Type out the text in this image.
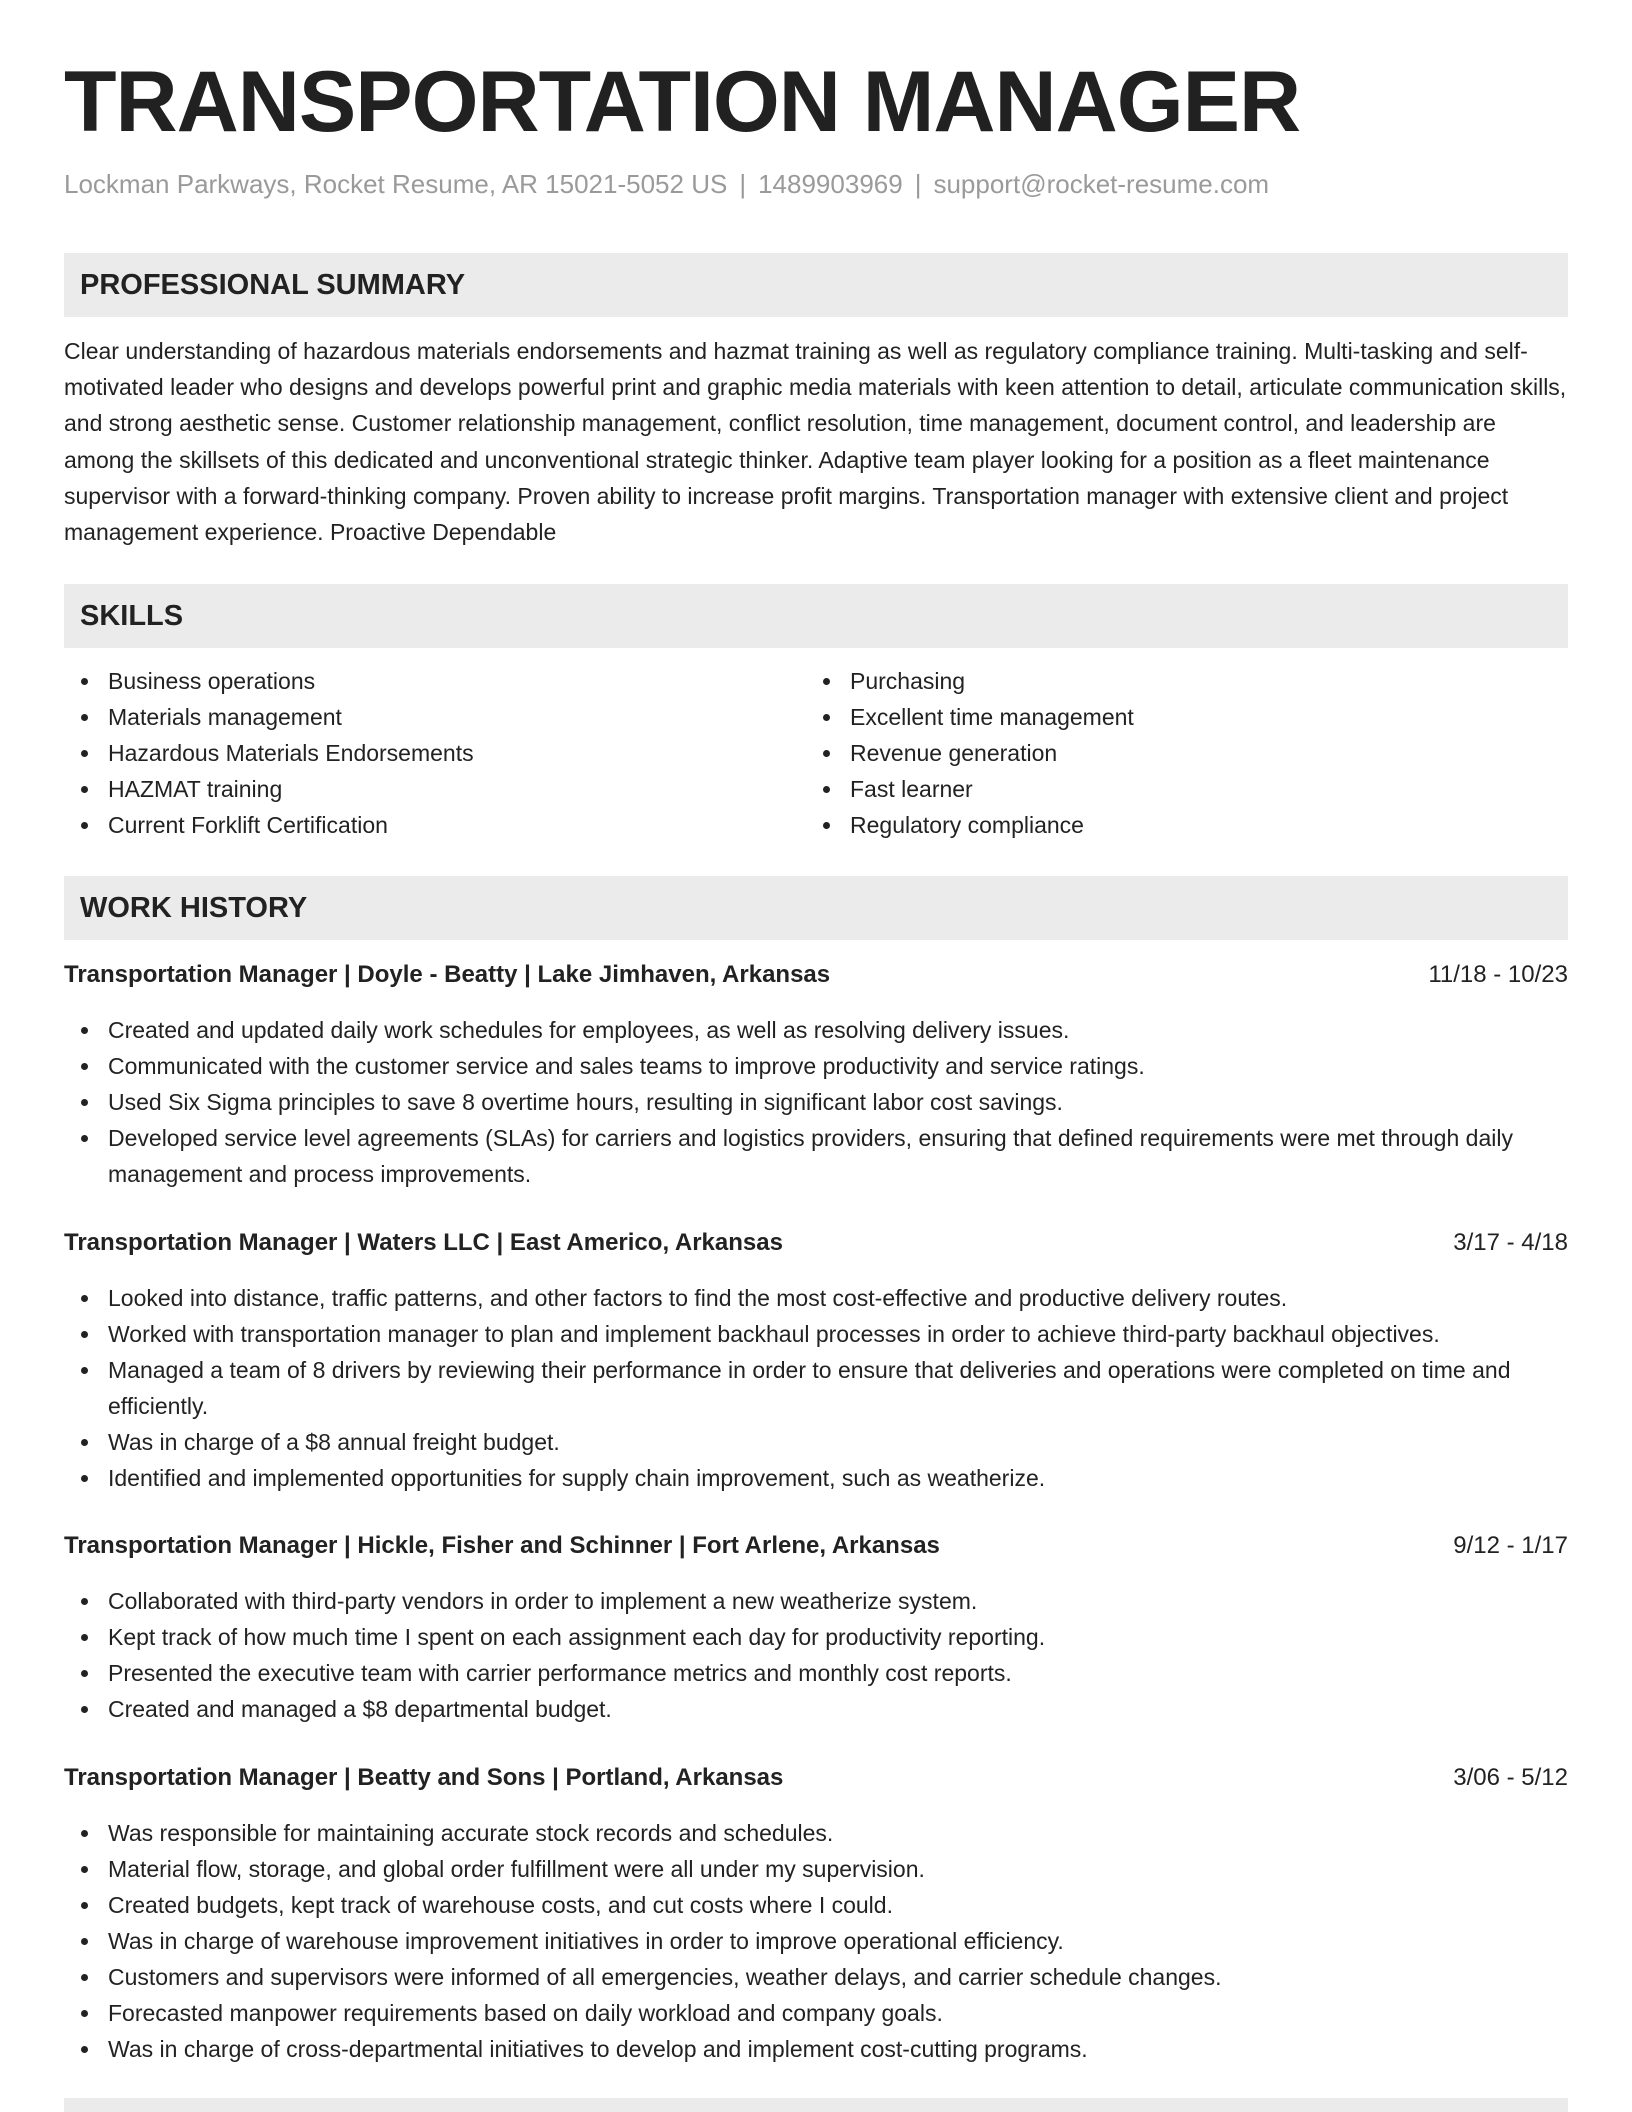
TRANSPORTATION MANAGER
Lockman Parkways, Rocket Resume, AR 15021-5052 US | 1489903969 | support@rocket-resume.com
PROFESSIONAL SUMMARY

Clear understanding of hazardous materials endorsements and hazmat training as well as regulatory compliance training. Multi-tasking and self-motivated leader who designs and develops powerful print and graphic media materials with keen attention to detail, articulate communication skills, and strong aesthetic sense. Customer relationship management, conflict resolution, time management, document control, and leadership are among the skillsets of this dedicated and unconventional strategic thinker. Adaptive team player looking for a position as a fleet maintenance supervisor with a forward-thinking company. Proven ability to increase profit margins. Transportation manager with extensive client and project management experience. Proactive Dependable

SKILLS
Business operations
Materials management
Hazardous Materials Endorsements
HAZMAT training
Current Forklift Certification
Purchasing
Excellent time management
Revenue generation
Fast learner
Regulatory compliance
WORK HISTORY
Transportation Manager | Doyle - Beatty | Lake Jimhaven, Arkansas	11/18 - 10/23
Created and updated daily work schedules for employees, as well as resolving delivery issues.
Communicated with the customer service and sales teams to improve productivity and service ratings.
Used Six Sigma principles to save 8 overtime hours, resulting in significant labor cost savings.
Developed service level agreements (SLAs) for carriers and logistics providers, ensuring that defined requirements were met through daily management and process improvements.
Transportation Manager | Waters LLC | East Americo, Arkansas	3/17 - 4/18
Looked into distance, traffic patterns, and other factors to find the most cost-effective and productive delivery routes.
Worked with transportation manager to plan and implement backhaul processes in order to achieve third-party backhaul objectives.
Managed a team of 8 drivers by reviewing their performance in order to ensure that deliveries and operations were completed on time and efficiently.
Was in charge of a $8 annual freight budget.
Identified and implemented opportunities for supply chain improvement, such as weatherize.
Transportation Manager | Hickle, Fisher and Schinner | Fort Arlene, Arkansas	9/12 - 1/17
Collaborated with third-party vendors in order to implement a new weatherize system.
Kept track of how much time I spent on each assignment each day for productivity reporting.
Presented the executive team with carrier performance metrics and monthly cost reports.
Created and managed a $8 departmental budget.
Transportation Manager | Beatty and Sons | Portland, Arkansas	3/06 - 5/12
Was responsible for maintaining accurate stock records and schedules.
Material flow, storage, and global order fulfillment were all under my supervision.
Created budgets, kept track of warehouse costs, and cut costs where I could.
Was in charge of warehouse improvement initiatives in order to improve operational efficiency.
Customers and supervisors were informed of all emergencies, weather delays, and carrier schedule changes.
Forecasted manpower requirements based on daily workload and company goals.
Was in charge of cross-departmental initiatives to develop and implement cost-cutting programs.
